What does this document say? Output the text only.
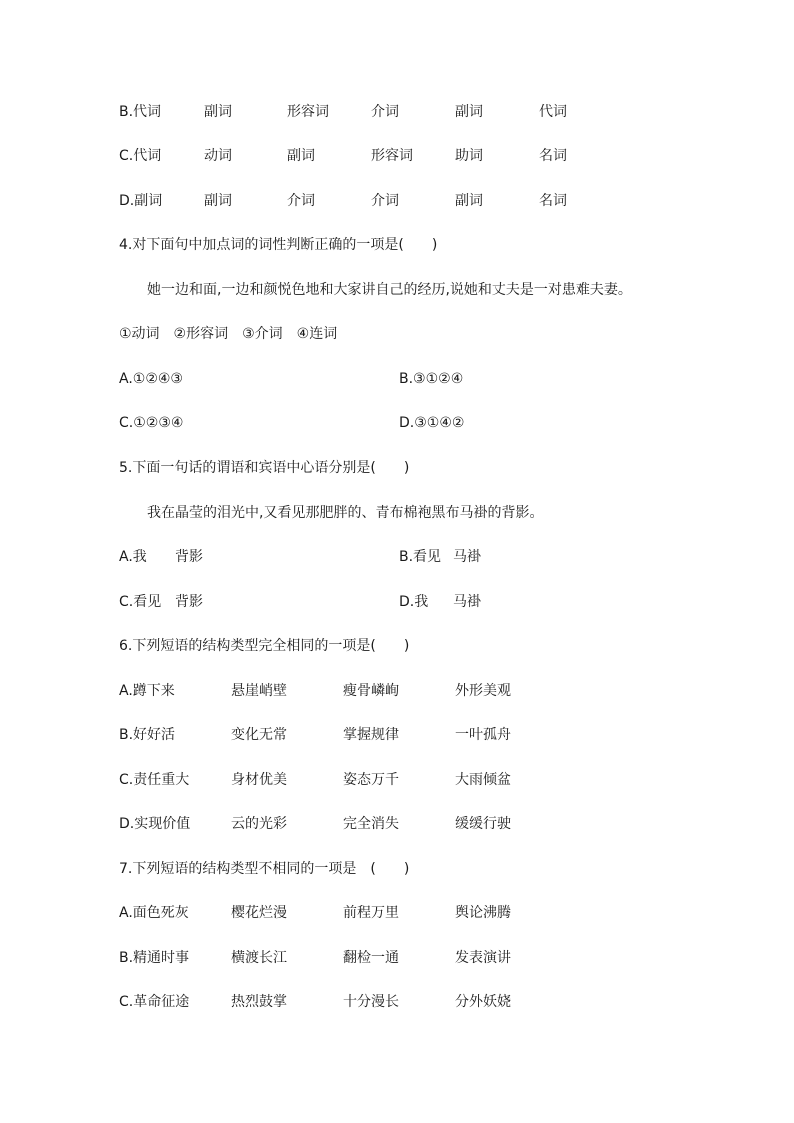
B.代词	副词	形容词	介词	副词	代词
C.代词	动词	副词	形容词	助词	名词
D.副词	副词	介词	介词	副词	名词
4.对下面句中加点词的词性判断正确的一项是(　　)
她一边和面,一边和颜悦色地和大家讲自己的经历,说她和丈夫是一对患难夫妻。
①动词　②形容词　③介词　④连词
A.①②④③	B.③①②④
C.①②③④	D.③①④②
5.下面一句话的谓语和宾语中心语分别是(　　)
我在晶莹的泪光中,又看见那肥胖的、青布棉袍黑布马褂的背影。
A.我 背影	B.看见 马褂
C.看见 背影	D.我 马褂
6.下列短语的结构类型完全相同的一项是(　　)
A.蹲下来	悬崖峭壁	瘦骨嶙峋	外形美观
B.好好活	变化无常	掌握规律	一叶孤舟
C.责任重大	身材优美	姿态万千	大雨倾盆
D.实现价值	云的光彩	完全消失	缓缓行驶
7.下列短语的结构类型不相同的一项是　(　　)
A.面色死灰	樱花烂漫	前程万里	舆论沸腾
B.精通时事	横渡长江	翻检一通	发表演讲
C.革命征途	热烈鼓掌	十分漫长	分外妖娆
